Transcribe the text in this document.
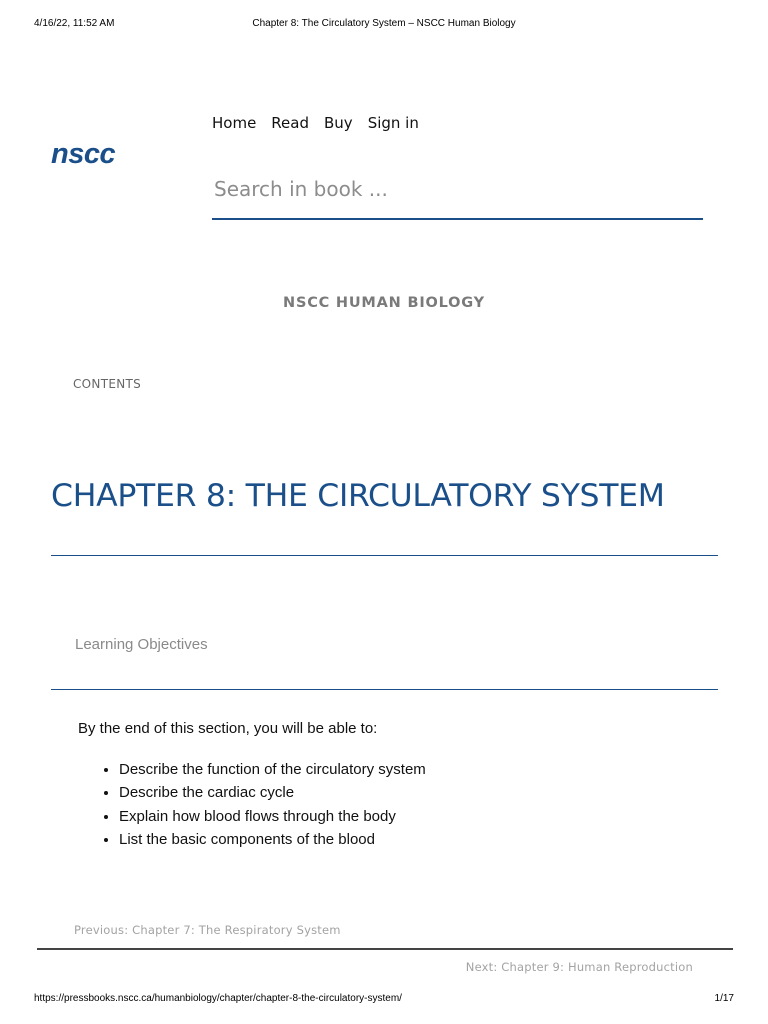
4/16/22, 11:52 AM	Chapter 8: The Circulatory System – NSCC Human Biology
nscc
Home Read Buy Sign in
Search in book ...
NSCC HUMAN BIOLOGY
CONTENTS
CHAPTER 8: THE CIRCULATORY SYSTEM
Learning Objectives
By the end of this section, you will be able to:
• Describe the function of the circulatory system
• Describe the cardiac cycle
• Explain how blood flows through the body
• List the basic components of the blood
Previous: Chapter 7: The Respiratory System
Next: Chapter 9: Human Reproduction
https://pressbooks.nscc.ca/humanbiology/chapter/chapter-8-the-circulatory-system/	1/17
